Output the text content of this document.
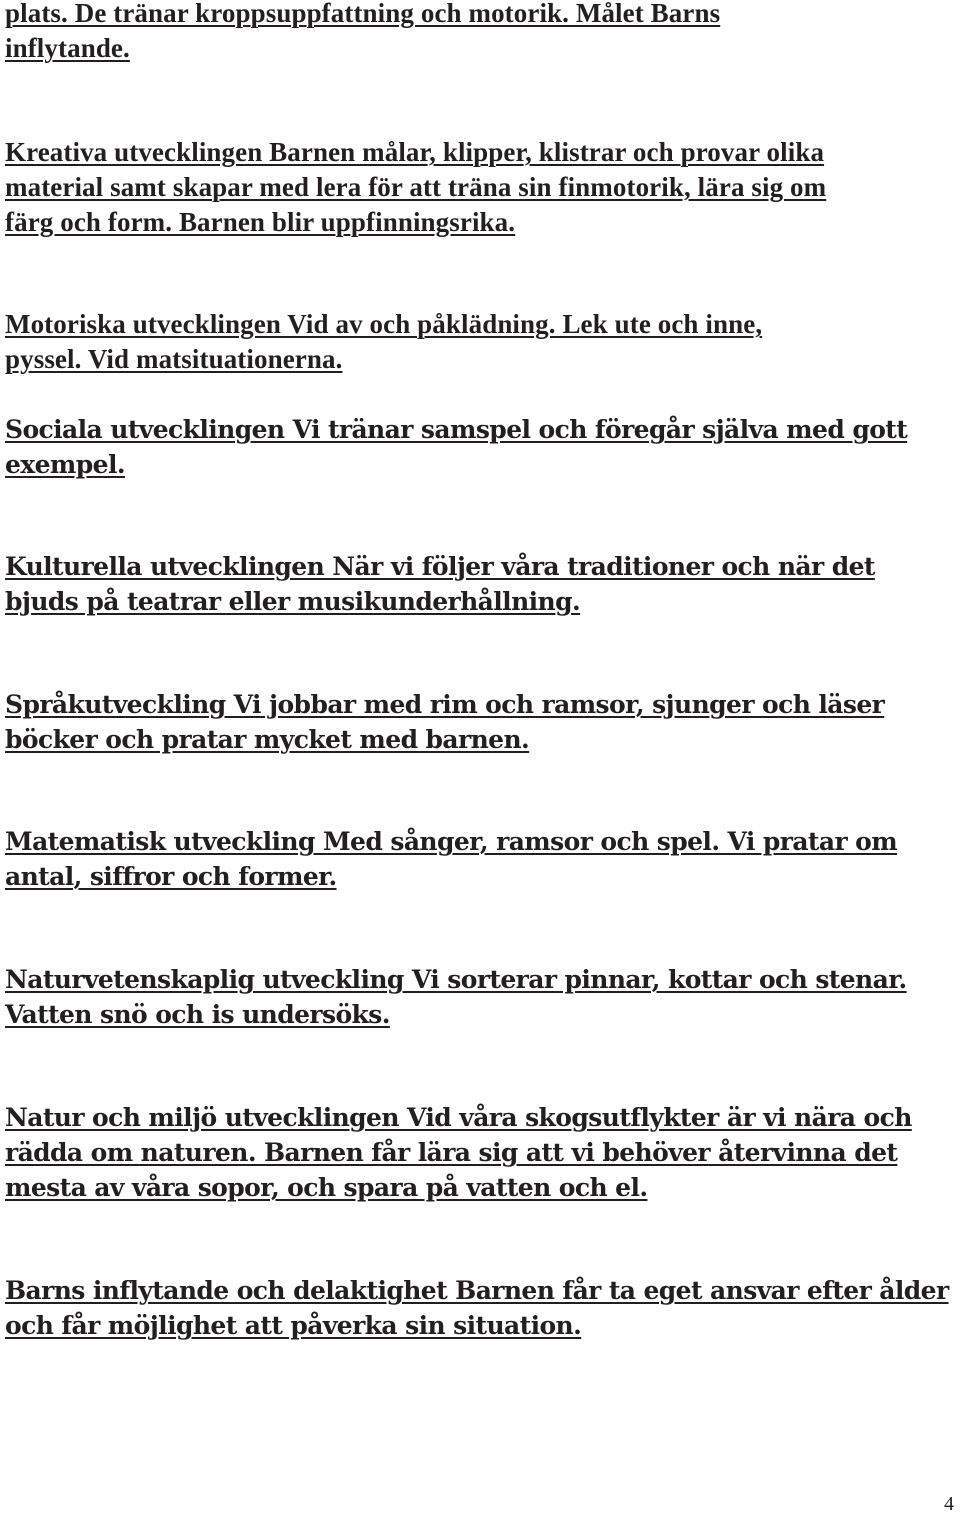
plats. De tränar kroppsuppfattning och motorik. Målet Barns
inflytande.

Kreativa utvecklingen Barnen målar, klipper, klistrar och provar olika
material samt skapar med lera för att träna sin finmotorik, lära sig om
färg och form. Barnen blir uppfinningsrika.

Motoriska utvecklingen Vid av och påklädning. Lek ute och inne,
pyssel. Vid matsituationerna.

Sociala utvecklingen Vi tränar samspel och föregår själva med gott
exempel.

Kulturella utvecklingen När vi följer våra traditioner och när det
bjuds på teatrar eller musikunderhållning.

Språkutveckling Vi jobbar med rim och ramsor, sjunger och läser
böcker och pratar mycket med barnen.

Matematisk utveckling Med sånger, ramsor och spel. Vi pratar om
antal, siffror och former.

Naturvetenskaplig utveckling Vi sorterar pinnar, kottar och stenar.
Vatten snö och is undersöks.

Natur och miljö utvecklingen Vid våra skogsutflykter är vi nära och
rädda om naturen. Barnen får lära sig att vi behöver återvinna det
mesta av våra sopor, och spara på vatten och el.

Barns inflytande och delaktighet Barnen får ta eget ansvar efter ålder
och får möjlighet att påverka sin situation.

4
